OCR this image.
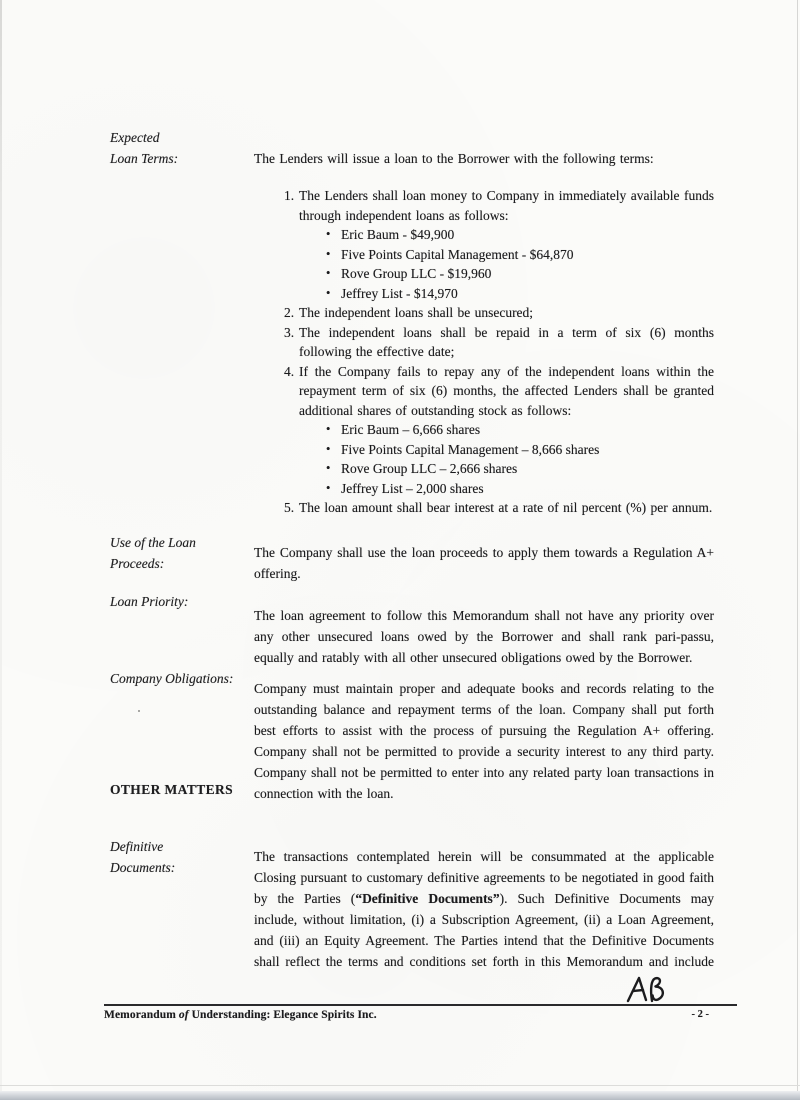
Expected
Loan Terms:	The Lenders will issue a loan to the Borrower with the following terms:

1. The Lenders shall loan money to Company in immediately available funds through independent loans as follows:
• Eric Baum - $49,900
• Five Points Capital Management - $64,870
• Rove Group LLC - $19,960
• Jeffrey List - $14,970
2. The independent loans shall be unsecured;
3. The independent loans shall be repaid in a term of six (6) months following the effective date;
4. If the Company fails to repay any of the independent loans within the repayment term of six (6) months, the affected Lenders shall be granted additional shares of outstanding stock as follows:
• Eric Baum – 6,666 shares
• Five Points Capital Management – 8,666 shares
• Rove Group LLC – 2,666 shares
• Jeffrey List – 2,000 shares
5. The loan amount shall bear interest at a rate of nil percent (%) per annum.
Use of the Loan
Proceeds:

The Company shall use the loan proceeds to apply them towards a Regulation A+ offering.

Loan Priority:

The loan agreement to follow this Memorandum shall not have any priority over any other unsecured loans owed by the Borrower and shall rank pari-passu, equally and ratably with all other unsecured obligations owed by the Borrower.

Company Obligations:
OTHER MATTERS

Company must maintain proper and adequate books and records relating to the outstanding balance and repayment terms of the loan. Company shall put forth best efforts to assist with the process of pursuing the Regulation A+ offering. Company shall not be permitted to provide a security interest to any third party. Company shall not be permitted to enter into any related party loan transactions in connection with the loan.

Definitive
Documents:

The transactions contemplated herein will be consummated at the applicable Closing pursuant to customary definitive agreements to be negotiated in good faith by the Parties (“Definitive Documents”). Such Definitive Documents may include, without limitation, (i) a Subscription Agreement, (ii) a Loan Agreement, and (iii) an Equity Agreement. The Parties intend that the Definitive Documents shall reflect the terms and conditions set forth in this Memorandum and include

Memorandum of Understanding: Elegance Spirits Inc.	- 2 -
